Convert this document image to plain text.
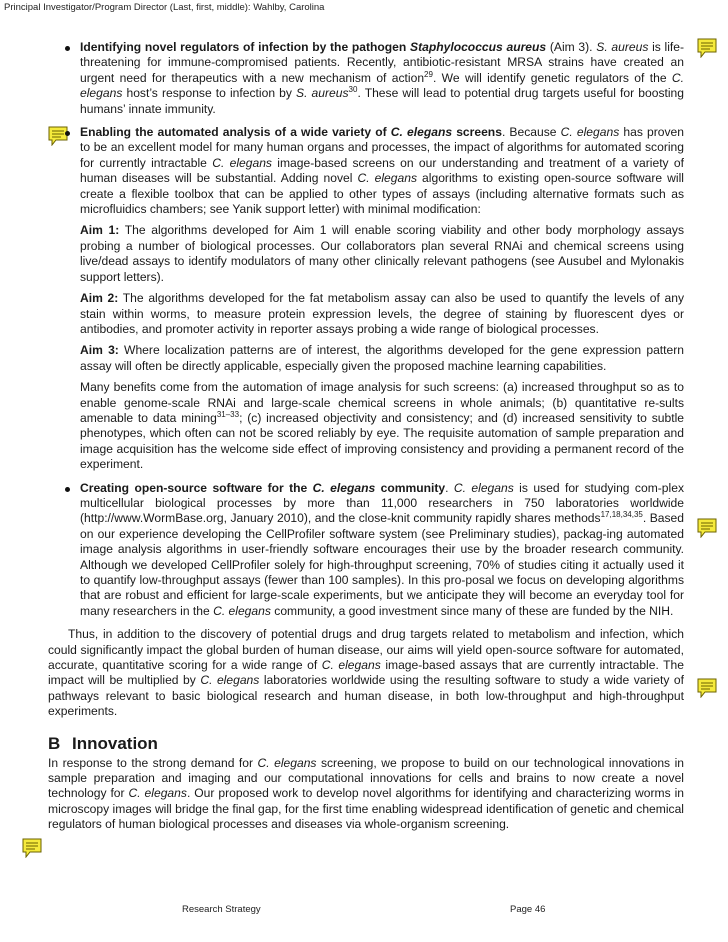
Principal Investigator/Program Director (Last, first, middle): Wahlby, Carolina
Identifying novel regulators of infection by the pathogen Staphylococcus aureus (Aim 3). S. aureus is life-threatening for immune-compromised patients. Recently, antibiotic-resistant MRSA strains have created an urgent need for therapeutics with a new mechanism of action$^{29}$. We will identify genetic regulators of the C. elegans host’s response to infection by S. aureus$^{30}$. These will lead to potential drug targets useful for boosting humans’ innate immunity.
Enabling the automated analysis of a wide variety of C. elegans screens. Because C. elegans has proven to be an excellent model for many human organs and processes, the impact of algorithms for automated scoring for currently intractable C. elegans image-based screens on our understanding and treatment of a variety of human diseases will be substantial. Adding novel C. elegans algorithms to existing open-source software will create a flexible toolbox that can be applied to other types of assays (including alternative formats such as microfluidics chambers; see Yanik support letter) with minimal modification:
Aim 1: The algorithms developed for Aim 1 will enable scoring viability and other body morphology assays probing a number of biological processes. Our collaborators plan several RNAi and chemical screens using live/dead assays to identify modulators of many other clinically relevant pathogens (see Ausubel and Mylonakis support letters).
Aim 2: The algorithms developed for the fat metabolism assay can also be used to quantify the levels of any stain within worms, to measure protein expression levels, the degree of staining by fluorescent dyes or antibodies, and promoter activity in reporter assays probing a wide range of biological processes.
Aim 3: Where localization patterns are of interest, the algorithms developed for the gene expression pattern assay will often be directly applicable, especially given the proposed machine learning capabilities.
Many benefits come from the automation of image analysis for such screens: (a) increased throughput so as to enable genome-scale RNAi and large-scale chemical screens in whole animals; (b) quantitative re-sults amenable to data mining$^{31-33}$; (c) increased objectivity and consistency; and (d) increased sensitivity to subtle phenotypes, which often can not be scored reliably by eye. The requisite automation of sample preparation and image acquisition has the welcome side effect of improving consistency and providing a permanent record of the experiment.
Creating open-source software for the C. elegans community. C. elegans is used for studying com-plex multicellular biological processes by more than 11,000 researchers in 750 laboratories worldwide (http://www.WormBase.org, January 2010), and the close-knit community rapidly shares methods$^{17,18,34,35}$. Based on our experience developing the CellProfiler software system (see Preliminary studies), packag-ing automated image analysis algorithms in user-friendly software encourages their use by the broader research community. Although we developed CellProfiler solely for high-throughput screening, 70% of studies citing it actually used it to quantify low-throughput assays (fewer than 100 samples). In this pro-posal we focus on developing algorithms that are robust and efficient for large-scale experiments, but we anticipate they will become an everyday tool for many researchers in the C. elegans community, a good investment since many of these are funded by the NIH.
Thus, in addition to the discovery of potential drugs and drug targets related to metabolism and infection, which could significantly impact the global burden of human disease, our aims will yield open-source software for automated, accurate, quantitative scoring for a wide range of C. elegans image-based assays that are currently intractable. The impact will be multiplied by C. elegans laboratories worldwide using the resulting software to study a wide variety of pathways relevant to basic biological research and human disease, in both low-throughput and high-throughput experiments.
B Innovation
In response to the strong demand for C. elegans screening, we propose to build on our technological innovations in sample preparation and imaging and our computational innovations for cells and brains to now create a novel technology for C. elegans. Our proposed work to develop novel algorithms for identifying and characterizing worms in microscopy images will bridge the final gap, for the first time enabling widespread identification of genetic and chemical regulators of human biological processes and diseases via whole-organism screening.
Research Strategy	Page 46
